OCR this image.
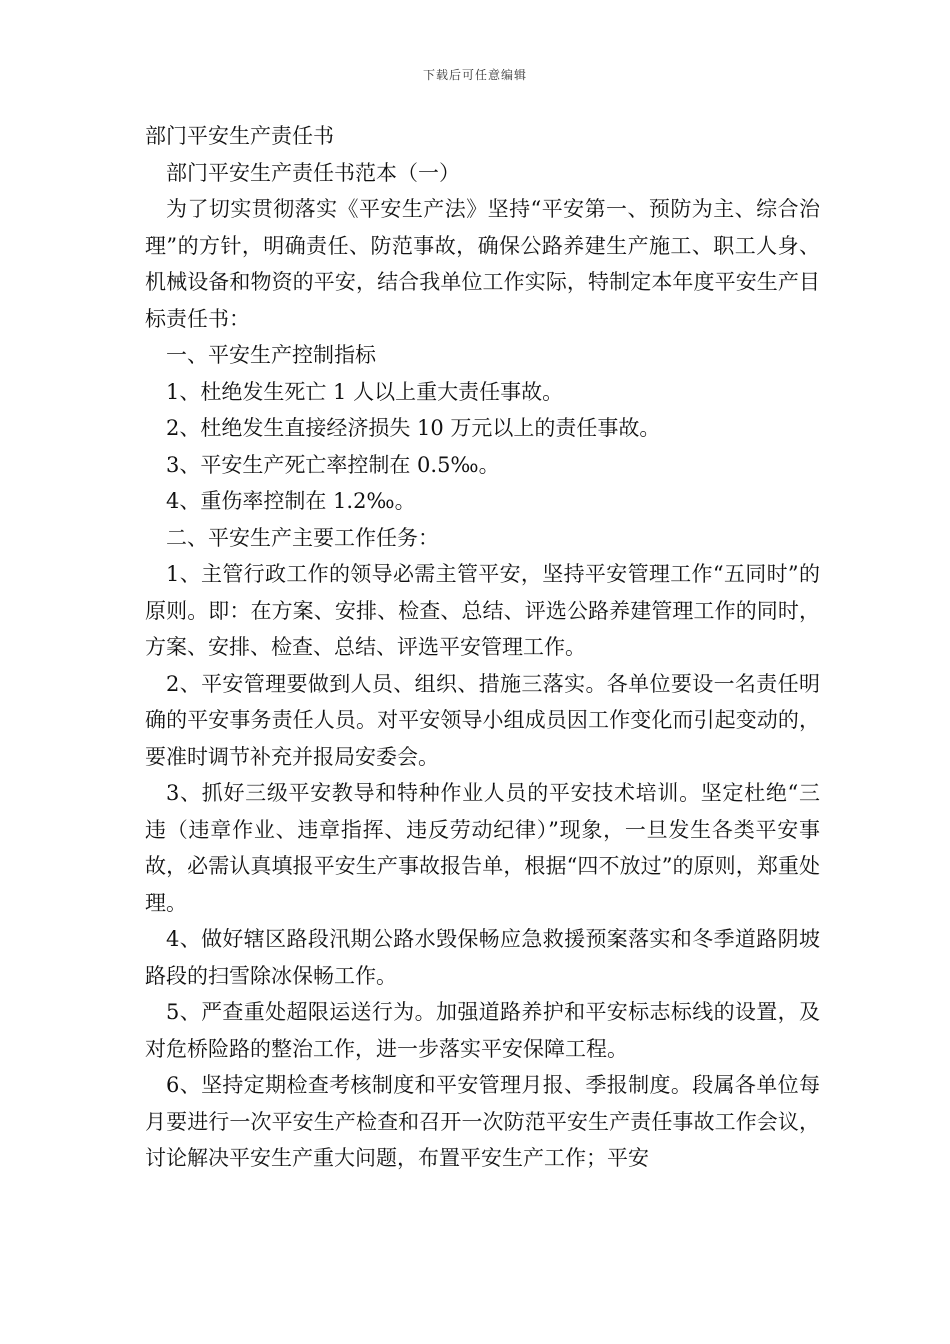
下载后可任意编辑

部门平安生产责任书

部门平安生产责任书范本（一）

为了切实贯彻落实《平安生产法》坚持“平安第一、预防为主、综合治理”的方针，明确责任、防范事故，确保公路养建生产施工、职工人身、机械设备和物资的平安，结合我单位工作实际，特制定本年度平安生产目标责任书：

一、平安生产控制指标

1、杜绝发生死亡 1 人以上重大责任事故。

2、杜绝发生直接经济损失 10 万元以上的责任事故。

3、平安生产死亡率控制在 0.5‰。

4、重伤率控制在 1.2‰。

二、平安生产主要工作任务：

1、主管行政工作的领导必需主管平安，坚持平安管理工作“五同时”的原则。即：在方案、安排、检查、总结、评选公路养建管理工作的同时，方案、安排、检查、总结、评选平安管理工作。

2、平安管理要做到人员、组织、措施三落实。各单位要设一名责任明确的平安事务责任人员。对平安领导小组成员因工作变化而引起变动的，要准时调节补充并报局安委会。

3、抓好三级平安教导和特种作业人员的平安技术培训。坚定杜绝“三违（违章作业、违章指挥、违反劳动纪律）”现象，一旦发生各类平安事故，必需认真填报平安生产事故报告单，根据“四不放过”的原则，郑重处理。

4、做好辖区路段汛期公路水毁保畅应急救援预案落实和冬季道路阴坡路段的扫雪除冰保畅工作。

5、严查重处超限运送行为。加强道路养护和平安标志标线的设置，及对危桥险路的整治工作，进一步落实平安保障工程。

6、坚持定期检查考核制度和平安管理月报、季报制度。段属各单位每月要进行一次平安生产检查和召开一次防范平安生产责任事故工作会议，讨论解决平安生产重大问题，布置平安生产工作；平安
